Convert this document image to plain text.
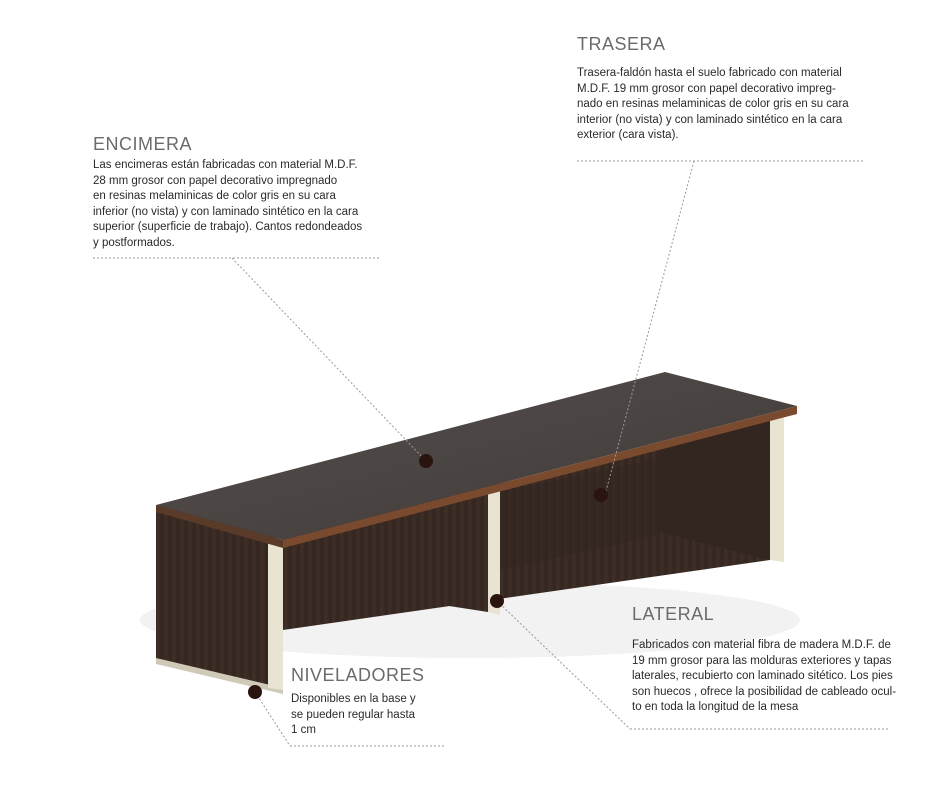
ENCIMERA
Las encimeras están fabricadas con material M.D.F.
28 mm grosor con papel decorativo impregnado
en resinas melaminicas de color gris en su cara
inferior (no vista) y con laminado sintético en la cara
superior (superficie de trabajo). Cantos redondeados
y postformados.
TRASERA
Trasera-faldón hasta el suelo fabricado con material
M.D.F. 19 mm grosor con papel decorativo impreg-
nado en resinas melaminicas de color gris en su cara
interior (no vista) y con laminado sintético en la cara
exterior (cara vista).
LATERAL
Fabricados con material fibra de madera M.D.F. de
19 mm grosor para las molduras exteriores y tapas
laterales, recubierto con laminado sitético. Los pies
son huecos , ofrece la posibilidad de cableado ocul-
to en toda la longitud de la mesa
NIVELADORES
Disponibles en la base y
se pueden regular hasta
1 cm
